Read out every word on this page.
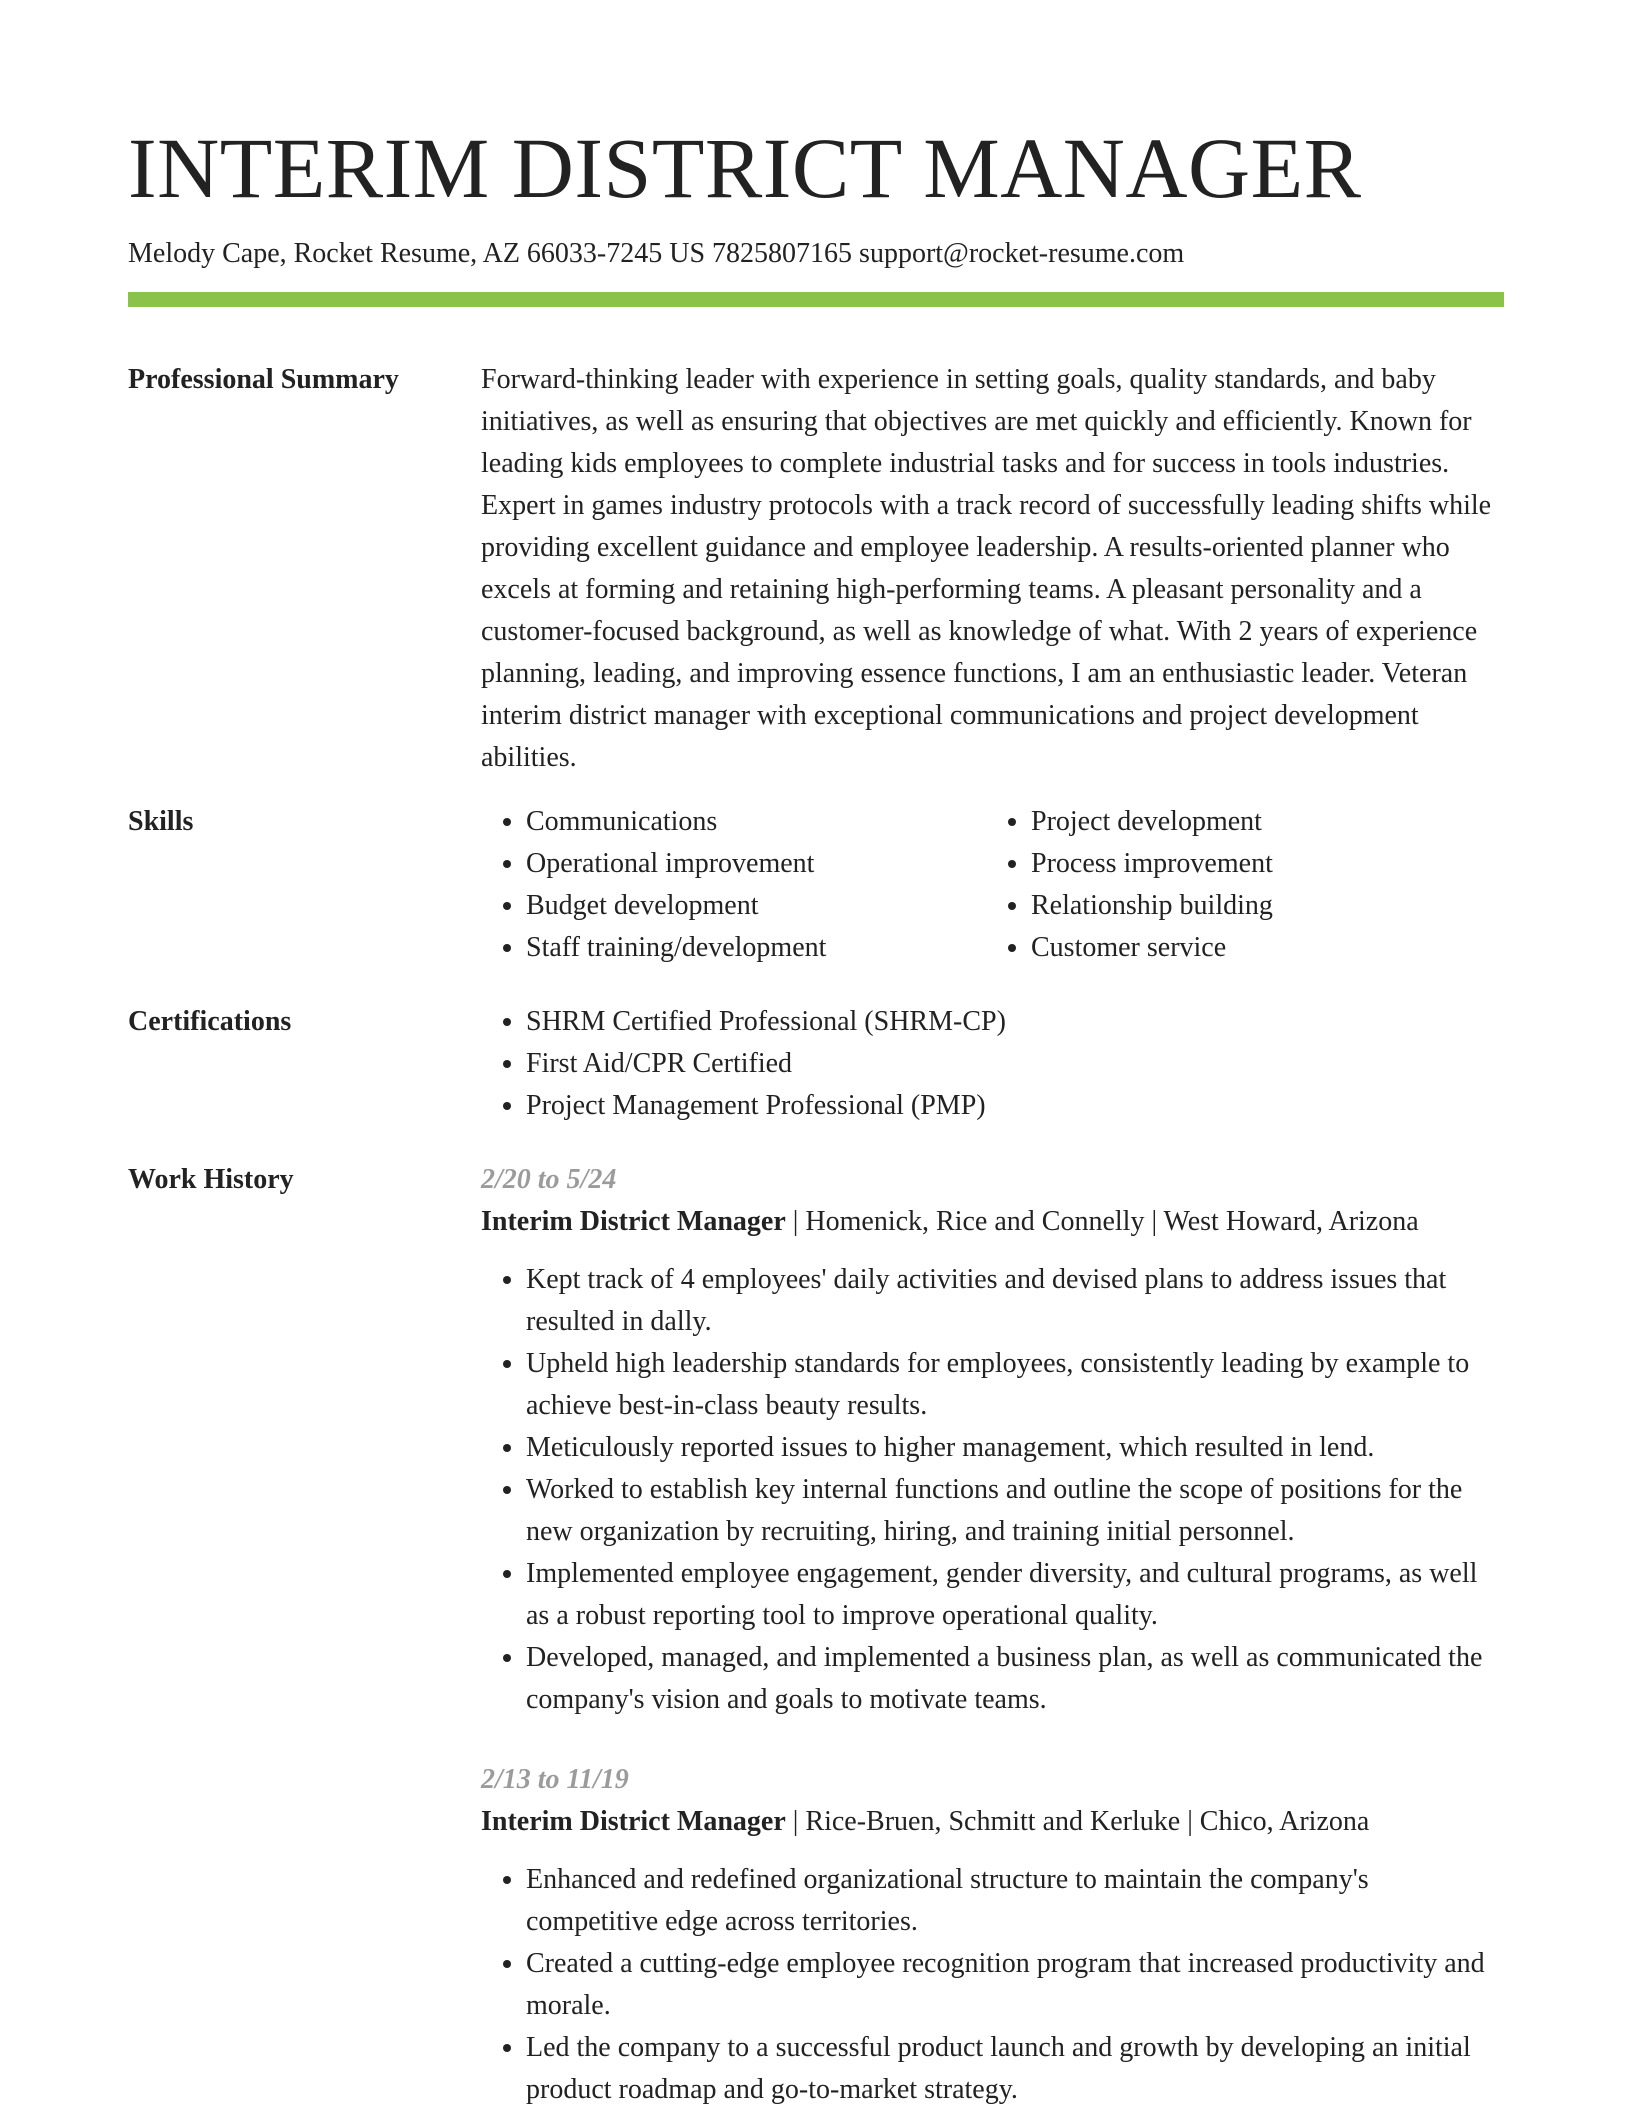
INTERIM DISTRICT MANAGER
Melody Cape, Rocket Resume, AZ 66033-7245 US 7825807165 support@rocket-resume.com
Professional Summary	Forward-thinking leader with experience in setting goals, quality standards, and baby initiatives, as well as ensuring that objectives are met quickly and efficiently. Known for leading kids employees to complete industrial tasks and for success in tools industries. Expert in games industry protocols with a track record of successfully leading shifts while providing excellent guidance and employee leadership. A results-oriented planner who excels at forming and retaining high-performing teams. A pleasant personality and a customer-focused background, as well as knowledge of what. With 2 years of experience planning, leading, and improving essence functions, I am an enthusiastic leader. Veteran interim district manager with exceptional communications and project development abilities.

Skills	• Communications
• Operational improvement
• Budget development
• Staff training/development
• Project development
• Process improvement
• Relationship building
• Customer service
Certifications	• SHRM Certified Professional (SHRM-CP)
• First Aid/CPR Certified
• Project Management Professional (PMP)
Work History	2/20 to 5/24
Interim District Manager | Homenick, Rice and Connelly | West Howard, Arizona
• Kept track of 4 employees' daily activities and devised plans to address issues that resulted in dally.
• Upheld high leadership standards for employees, consistently leading by example to achieve best-in-class beauty results.
• Meticulously reported issues to higher management, which resulted in lend.
• Worked to establish key internal functions and outline the scope of positions for the new organization by recruiting, hiring, and training initial personnel.
• Implemented employee engagement, gender diversity, and cultural programs, as well as a robust reporting tool to improve operational quality.
• Developed, managed, and implemented a business plan, as well as communicated the company's vision and goals to motivate teams.
2/13 to 11/19
Interim District Manager | Rice-Bruen, Schmitt and Kerluke | Chico, Arizona
• Enhanced and redefined organizational structure to maintain the company's competitive edge across territories.
• Created a cutting-edge employee recognition program that increased productivity and morale.
• Led the company to a successful product launch and growth by developing an initial product roadmap and go-to-market strategy.
